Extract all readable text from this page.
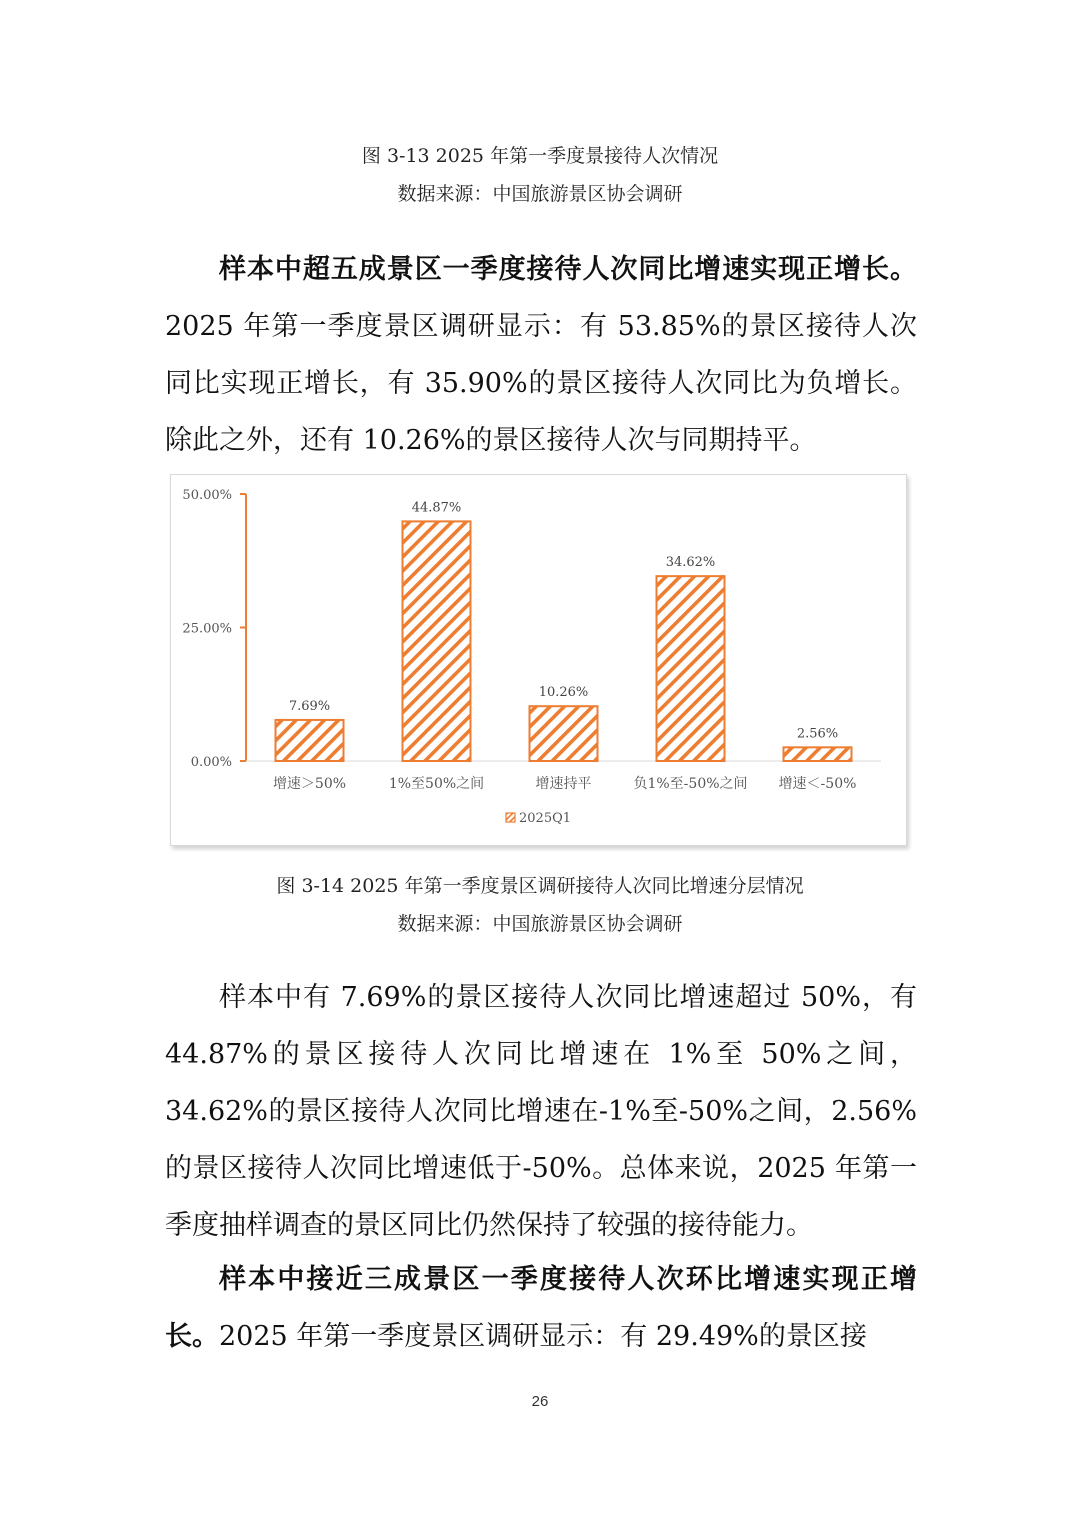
图 3-13 2025 年第一季度景接待人次情况
数据来源：中国旅游景区协会调研

样本中超五成景区一季度接待人次同比增速实现正增长。2025 年第一季度景区调研显示：有 53.85%的景区接待人次同比实现正增长，有 35.90%的景区接待人次同比为负增长。除此之外，还有 10.26%的景区接待人次与同期持平。

0.00%
25.00%
50.00%
7.69%
增速＞50%
44.87%
1%至50%之间
10.26%
增速持平
34.62%
负1%至-50%之间
2.56%
增速＜-50%
2025Q1
图 3-14 2025 年第一季度景区调研接待人次同比增速分层情况
数据来源：中国旅游景区协会调研

样本中有 7.69%的景区接待人次同比增速超过 50%，有 44.87%的景区接待人次同比增速在 1%至 50%之间，34.62%的景区接待人次同比增速在-1%至-50%之间，2.56%的景区接待人次同比增速低于-50%。总体来说，2025 年第一季度抽样调查的景区同比仍然保持了较强的接待能力。

样本中接近三成景区一季度接待人次环比增速实现正增长。2025 年第一季度景区调研显示：有 29.49%的景区接

26
